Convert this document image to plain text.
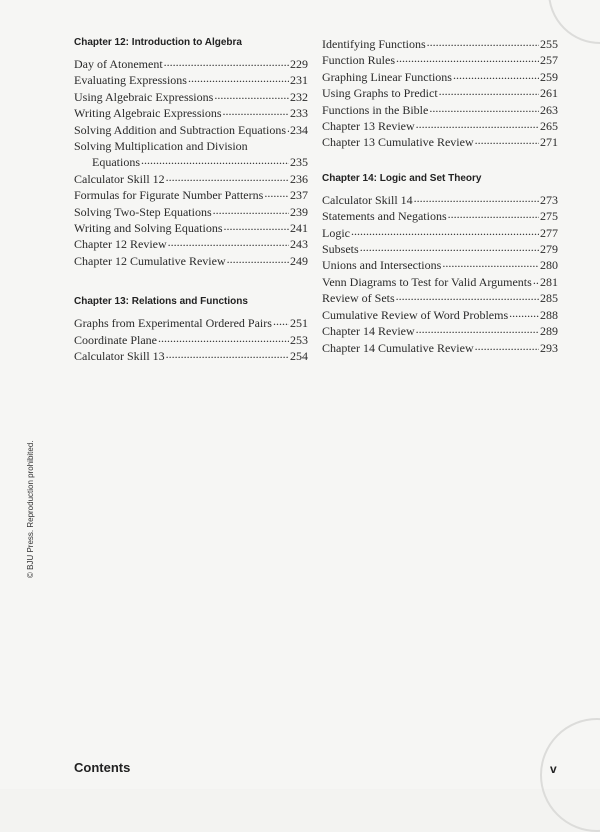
Chapter 12: Introduction to Algebra
Day of Atonement .....	229
Evaluating Expressions .....	231
Using Algebraic Expressions .....	232
Writing Algebraic Expressions .....	233
Solving Addition and Subtraction Equations ..... 234
Solving Multiplication and Division
Equations .....	235
Calculator Skill 12 .....	236
Formulas for Figurate Number Patterns ..... 237
Solving Two-Step Equations .....	239
Writing and Solving Equations .....	241
Chapter 12 Review .....	243
Chapter 12 Cumulative Review .....	249
Chapter 13: Relations and Functions
Graphs from Experimental Ordered Pairs ..... 251
Coordinate Plane .....	253
Calculator Skill 13 .....	254
Identifying Functions .....	255
Function Rules .....	257
Graphing Linear Functions .....	259
Using Graphs to Predict .....	261
Functions in the Bible .....	263
Chapter 13 Review .....	265
Chapter 13 Cumulative Review .....	271
Chapter 14: Logic and Set Theory
Calculator Skill 14 .....	273
Statements and Negations .....	275
Logic .....	277
Subsets .....	279
Unions and Intersections .....	280
Venn Diagrams to Test for Valid Arguments ..... 281
Review of Sets .....	285
Cumulative Review of Word Problems .....	288
Chapter 14 Review .....	289
Chapter 14 Cumulative Review .....	293
© BJU Press. Reproduction prohibited.
Contents	v
